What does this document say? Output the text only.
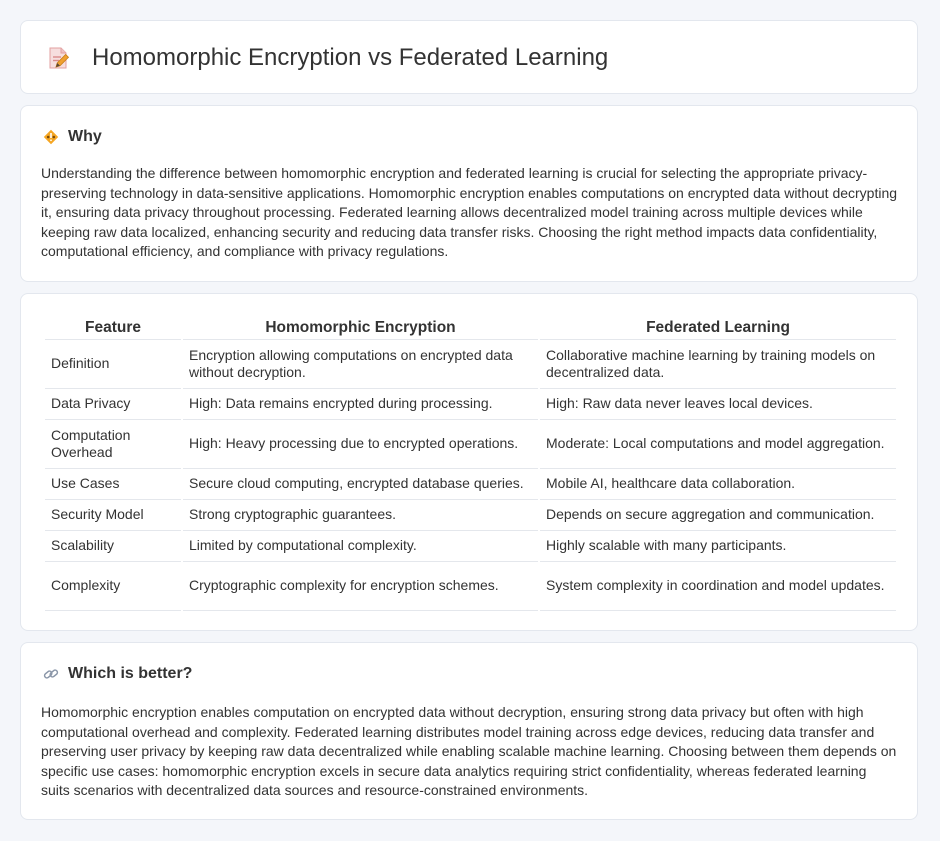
Homomorphic Encryption vs Federated Learning
Why

Understanding the difference between homomorphic encryption and federated learning is crucial for selecting the appropriate privacy-preserving technology in data-sensitive applications. Homomorphic encryption enables computations on encrypted data without decrypting it, ensuring data privacy throughout processing. Federated learning allows decentralized model training across multiple devices while keeping raw data localized, enhancing security and reducing data transfer risks. Choosing the right method impacts data confidentiality, computational efficiency, and compliance with privacy regulations.

Feature	Homomorphic Encryption	Federated Learning
Definition	Encryption allowing computations on encrypted data without decryption.	Collaborative machine learning by training models on decentralized data.
Data Privacy	High: Data remains encrypted during processing.	High: Raw data never leaves local devices.
Computation Overhead	High: Heavy processing due to encrypted operations.	Moderate: Local computations and model aggregation.
Use Cases	Secure cloud computing, encrypted database queries.	Mobile AI, healthcare data collaboration.
Security Model	Strong cryptographic guarantees.	Depends on secure aggregation and communication.
Scalability	Limited by computational complexity.	Highly scalable with many participants.
Complexity	Cryptographic complexity for encryption schemes.	System complexity in coordination and model updates.
Which is better?

Homomorphic encryption enables computation on encrypted data without decryption, ensuring strong data privacy but often with high computational overhead and complexity. Federated learning distributes model training across edge devices, reducing data transfer and preserving user privacy by keeping raw data decentralized while enabling scalable machine learning. Choosing between them depends on specific use cases: homomorphic encryption excels in secure data analytics requiring strict confidentiality, whereas federated learning suits scenarios with decentralized data sources and resource-constrained environments.
